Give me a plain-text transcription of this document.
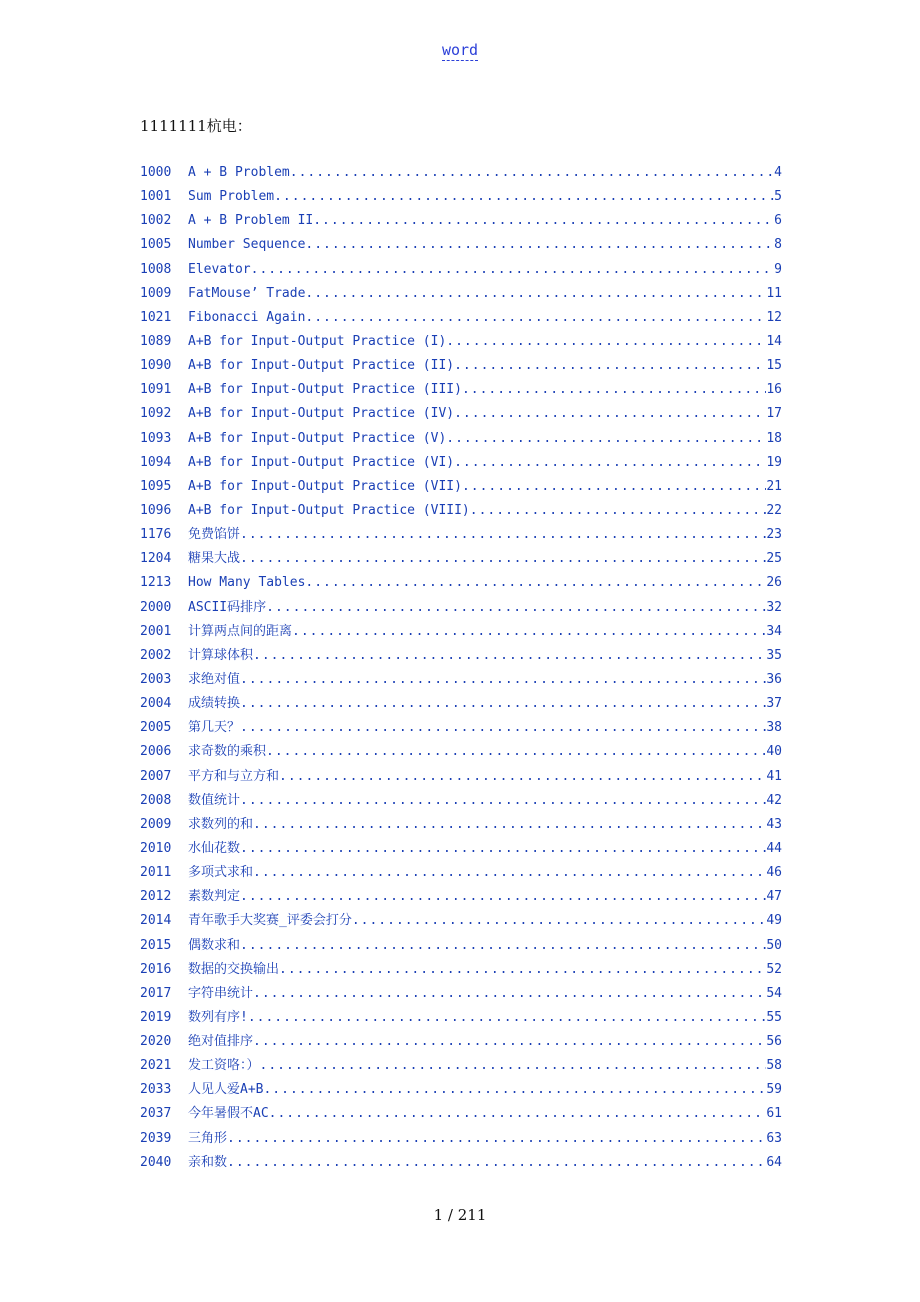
word
1111111杭电：
1000	A + B Problem .....	4
1001	Sum Problem .....	5
1002	A + B Problem II .....	6
1005	Number Sequence .....	8
1008	Elevator .....	9
1009	FatMouse’ Trade .....	11
1021	Fibonacci Again .....	12
1089	A+B for Input-Output Practice (I) .....	14
1090	A+B for Input-Output Practice (II) .....	15
1091	A+B for Input-Output Practice (III) .....	16
1092	A+B for Input-Output Practice (IV) .....	17
1093	A+B for Input-Output Practice (V) .....	18
1094	A+B for Input-Output Practice (VI) .....	19
1095	A+B for Input-Output Practice (VII) .....	21
1096	A+B for Input-Output Practice (VIII) .....	22
1176	免费馅饼 .....	23
1204	糖果大战 .....	25
1213	How Many Tables .....	26
2000	ASCII码排序 .....	32
2001	计算两点间的距离 .....	34
2002	计算球体积 .....	35
2003	求绝对值 .....	36
2004	成绩转换 .....	37
2005	第几天？ .....	38
2006	求奇数的乘积 .....	40
2007	平方和与立方和 .....	41
2008	数值统计 .....	42
2009	求数列的和 .....	43
2010	水仙花数 .....	44
2011	多项式求和 .....	46
2012	素数判定 .....	47
2014	青年歌手大奖赛_评委会打分 .....	49
2015	偶数求和 .....	50
2016	数据的交换输出 .....	52
2017	字符串统计 .....	54
2019	数列有序! .....	55
2020	绝对值排序 .....	56
2021	发工资咯：） .....	58
2033	人见人爱A+B .....	59
2037	今年暑假不AC .....	61
2039	三角形 .....	63
2040	亲和数 .....	64
1 / 211
